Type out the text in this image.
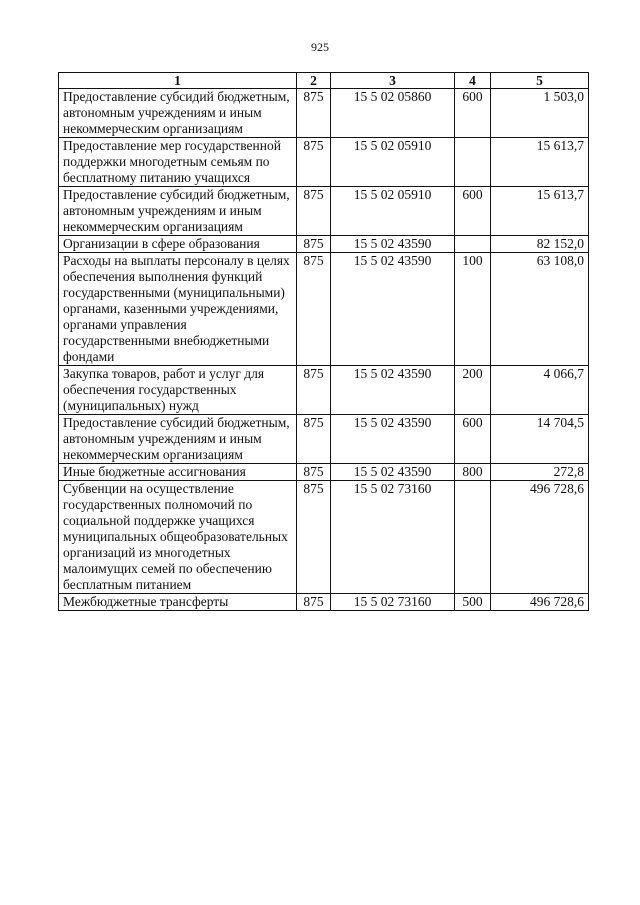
925
1	2	3	4	5
Предоставление субсидий бюджетным, автономным учреждениям и иным некоммерческим организациям	875	15 5 02 05860	600	1 503,0
Предоставление мер государственной поддержки многодетным семьям по бесплатному питанию учащихся	875	15 5 02 05910		15 613,7
Предоставление субсидий бюджетным, автономным учреждениям и иным некоммерческим организациям	875	15 5 02 05910	600	15 613,7
Организации в сфере образования	875	15 5 02 43590		82 152,0
Расходы на выплаты персоналу в целях обеспечения выполнения функций государственными (муниципальными) органами, казенными учреждениями, органами управления государственными внебюджетными фондами	875	15 5 02 43590	100	63 108,0
Закупка товаров, работ и услуг для обеспечения государственных (муниципальных) нужд	875	15 5 02 43590	200	4 066,7
Предоставление субсидий бюджетным, автономным учреждениям и иным некоммерческим организациям	875	15 5 02 43590	600	14 704,5
Иные бюджетные ассигнования	875	15 5 02 43590	800	272,8
Субвенции на осуществление государственных полномочий по социальной поддержке учащихся муниципальных общеобразовательных организаций из многодетных малоимущих семей по обеспечению бесплатным питанием	875	15 5 02 73160		496 728,6
Межбюджетные трансферты	875	15 5 02 73160	500	496 728,6
